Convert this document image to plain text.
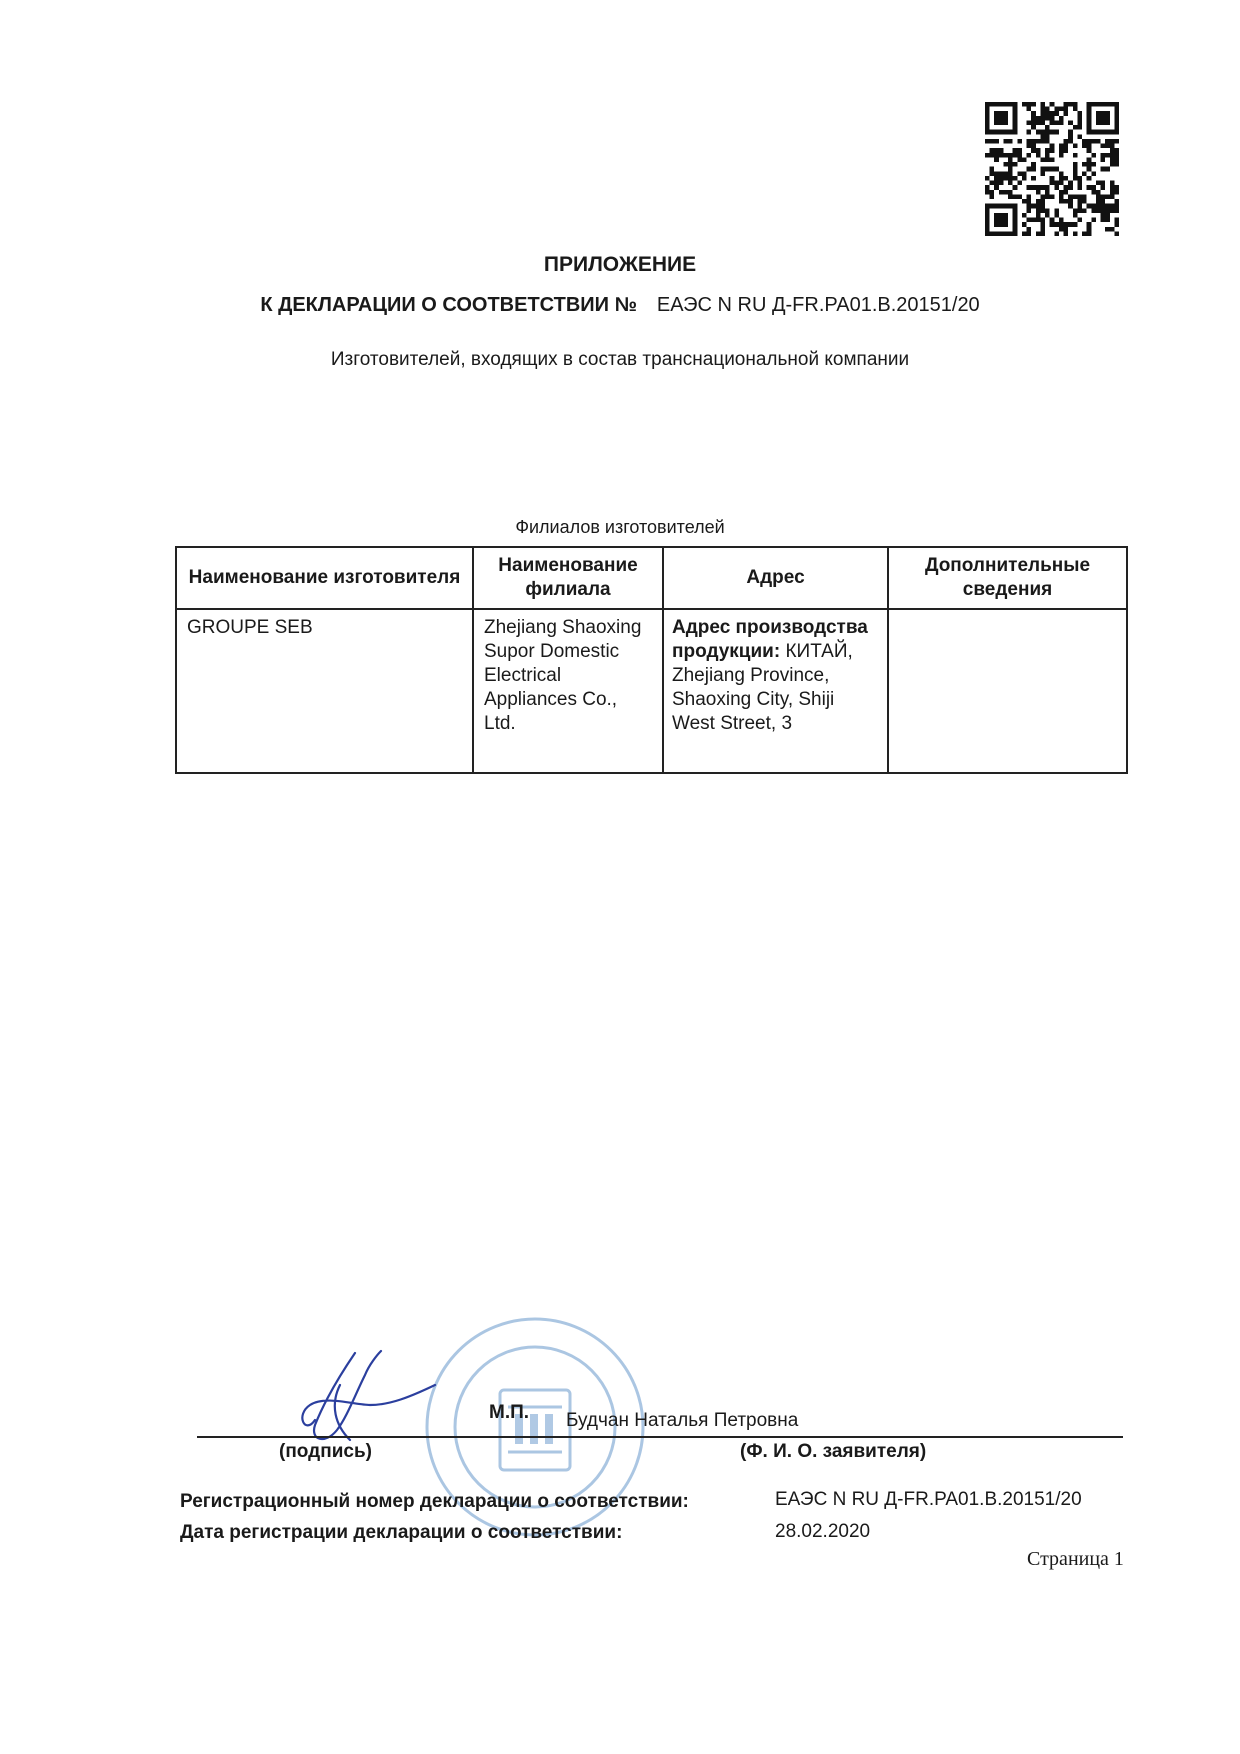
ПРИЛОЖЕНИЕ
К ДЕКЛАРАЦИИ О СООТВЕТСТВИИ № ЕАЭС N RU Д-FR.PA01.B.20151/20
Изготовителей, входящих в состав транснациональной компании
Филиалов изготовителей
Наименование изготовителя	Наименование филиала	Адрес	Дополнительные сведения
GROUPE SEB	Zhejiang Shaoxing Supor Domestic Electrical Appliances Co., Ltd.	Адрес производства продукции: КИТАЙ, Zhejiang Province, Shaoxing City, Shiji West Street, 3	
М.П. Будчан Наталья Петровна
(подпись)	(Ф. И. О. заявителя)
Регистрационный номер декларации о соответствии:	ЕАЭС N RU Д-FR.PA01.B.20151/20
Дата регистрации декларации о соответствии:	28.02.2020
Страница 1
